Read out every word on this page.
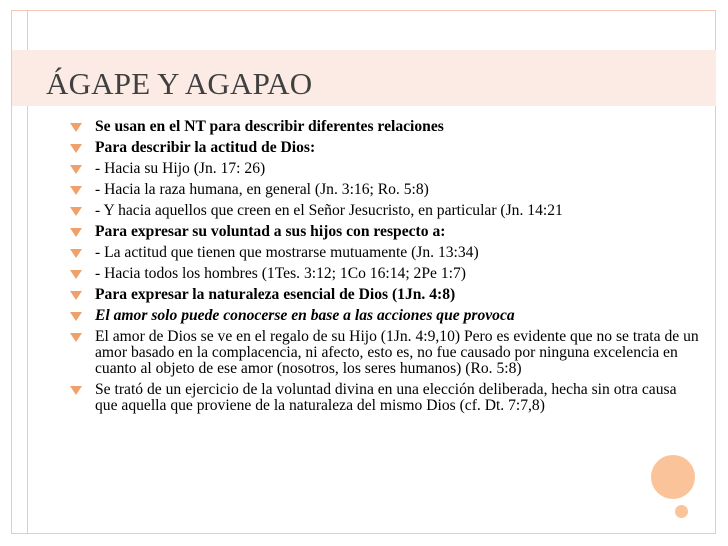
ÁGAPE Y AGAPAO
Se usan en el NT para describir diferentes relaciones
Para describir la actitud de Dios:
- Hacia su Hijo (Jn. 17: 26)
- Hacia la raza humana, en general (Jn. 3:16; Ro. 5:8)
- Y hacia aquellos que creen en el Señor Jesucristo, en particular (Jn. 14:21
Para expresar su voluntad a sus hijos con respecto a:
- La actitud que tienen que mostrarse mutuamente (Jn. 13:34)
- Hacia todos los hombres (1Tes. 3:12; 1Co 16:14; 2Pe 1:7)
Para expresar la naturaleza esencial de Dios (1Jn. 4:8)
El amor solo puede conocerse en base a las acciones que provoca
El amor de Dios se ve en el regalo de su Hijo (1Jn. 4:9,10) Pero es evidente que no se trata de un amor basado en la complacencia, ni afecto, esto es, no fue causado por ninguna excelencia en cuanto al objeto de ese amor (nosotros, los seres humanos) (Ro. 5:8)
Se trató de un ejercicio de la voluntad divina en una elección deliberada, hecha sin otra causa que aquella que proviene de la naturaleza del mismo Dios (cf. Dt. 7:7,8)
